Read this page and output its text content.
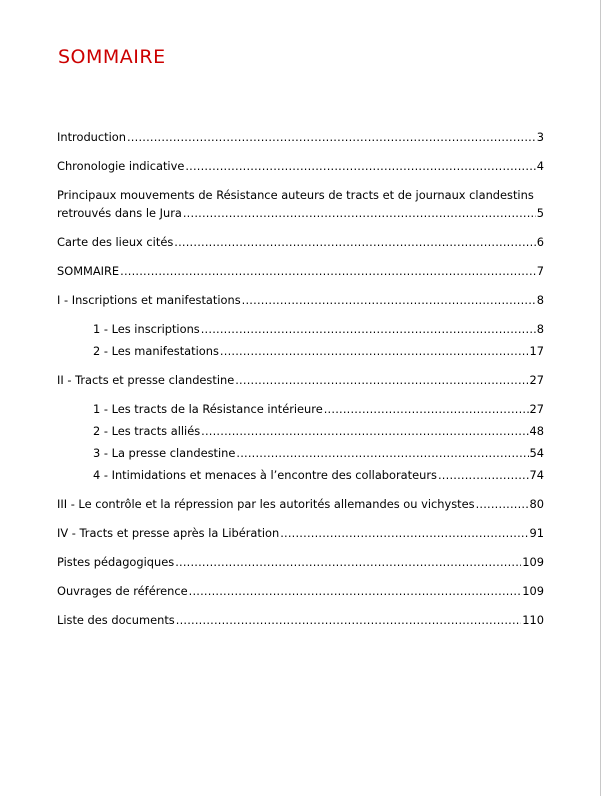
SOMMAIRE
Introduction .....	3
Chronologie indicative .....	4
Principaux mouvements de Résistance auteurs de tracts et de journaux clandestins
retrouvés dans le Jura .....	5
Carte des lieux cités .....	6
SOMMAIRE .....	7
I - Inscriptions et manifestations .....	8
1 - Les inscriptions .....	8
2 - Les manifestations .....	17
II - Tracts et presse clandestine .....	27
1 - Les tracts de la Résistance intérieure .....	27
2 - Les tracts alliés .....	48
3 - La presse clandestine .....	54
4 - Intimidations et menaces à l’encontre des collaborateurs .....	74
III - Le contrôle et la répression par les autorités allemandes ou vichystes .....	80
IV - Tracts et presse après la Libération .....	91
Pistes pédagogiques .....	109
Ouvrages de référence .....	109
Liste des documents .....	110
